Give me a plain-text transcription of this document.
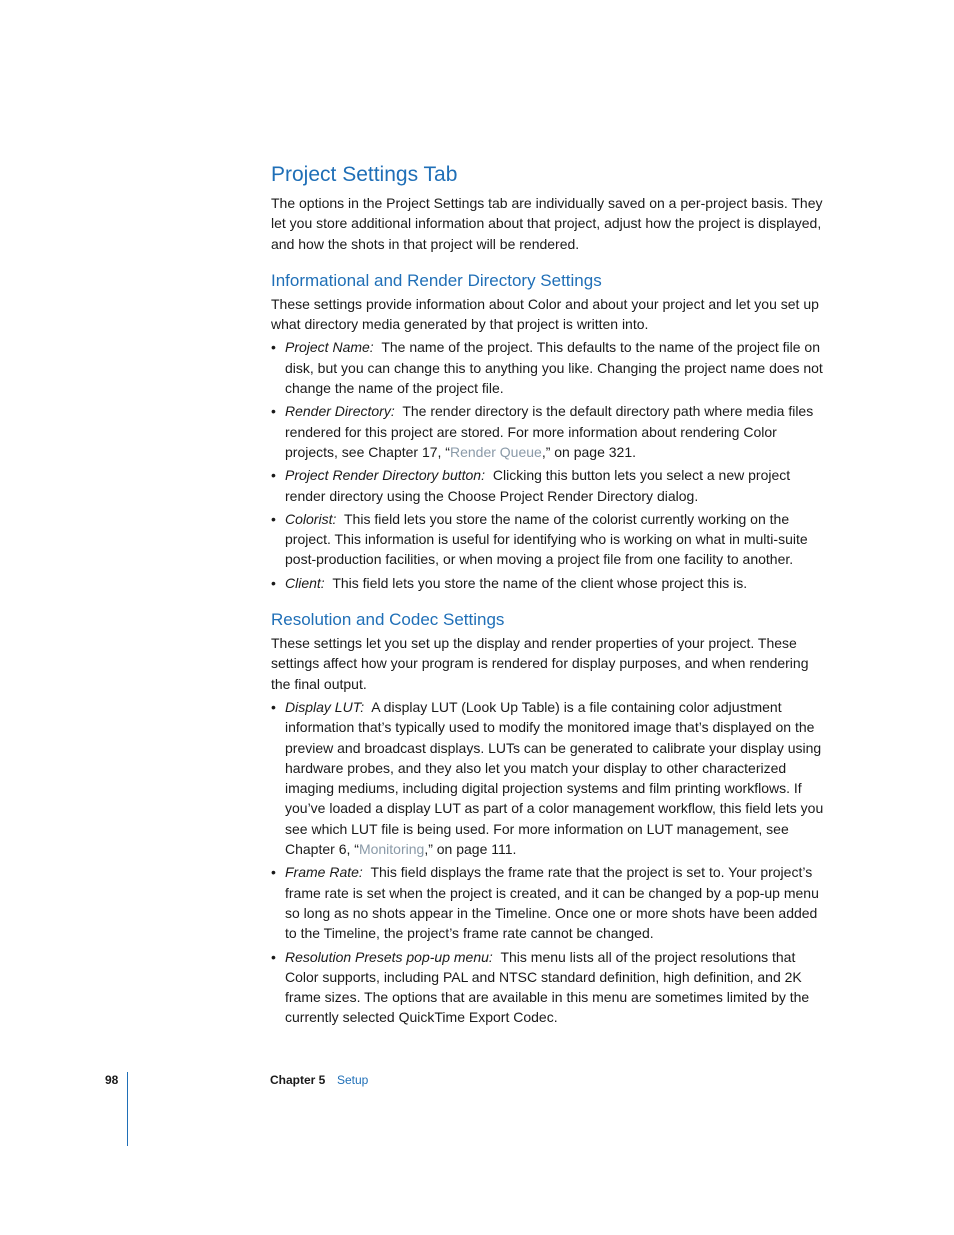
Project Settings Tab

The options in the Project Settings tab are individually saved on a per-project basis. They let you store additional information about that project, adjust how the project is displayed, and how the shots in that project will be rendered.

Informational and Render Directory Settings

These settings provide information about Color and about your project and let you set up what directory media generated by that project is written into.

• Project Name: The name of the project. This defaults to the name of the project file on disk, but you can change this to anything you like. Changing the project name does not change the name of the project file.
• Render Directory: The render directory is the default directory path where media files rendered for this project are stored. For more information about rendering Color projects, see Chapter 17, “Render Queue,” on page 321.
• Project Render Directory button: Clicking this button lets you select a new project render directory using the Choose Project Render Directory dialog.
• Colorist: This field lets you store the name of the colorist currently working on the project. This information is useful for identifying who is working on what in multi-suite post-production facilities, or when moving a project file from one facility to another.
• Client: This field lets you store the name of the client whose project this is.
Resolution and Codec Settings

These settings let you set up the display and render properties of your project. These settings affect how your program is rendered for display purposes, and when rendering the final output.

• Display LUT: A display LUT (Look Up Table) is a file containing color adjustment information that’s typically used to modify the monitored image that’s displayed on the preview and broadcast displays. LUTs can be generated to calibrate your display using hardware probes, and they also let you match your display to other characterized imaging mediums, including digital projection systems and film printing workflows. If you’ve loaded a display LUT as part of a color management workflow, this field lets you see which LUT file is being used. For more information on LUT management, see Chapter 6, “Monitoring,” on page 111.
• Frame Rate: This field displays the frame rate that the project is set to. Your project’s frame rate is set when the project is created, and it can be changed by a pop-up menu so long as no shots appear in the Timeline. Once one or more shots have been added to the Timeline, the project’s frame rate cannot be changed.
• Resolution Presets pop-up menu: This menu lists all of the project resolutions that Color supports, including PAL and NTSC standard definition, high definition, and 2K frame sizes. The options that are available in this menu are sometimes limited by the currently selected QuickTime Export Codec.
98	Chapter 5 Setup
